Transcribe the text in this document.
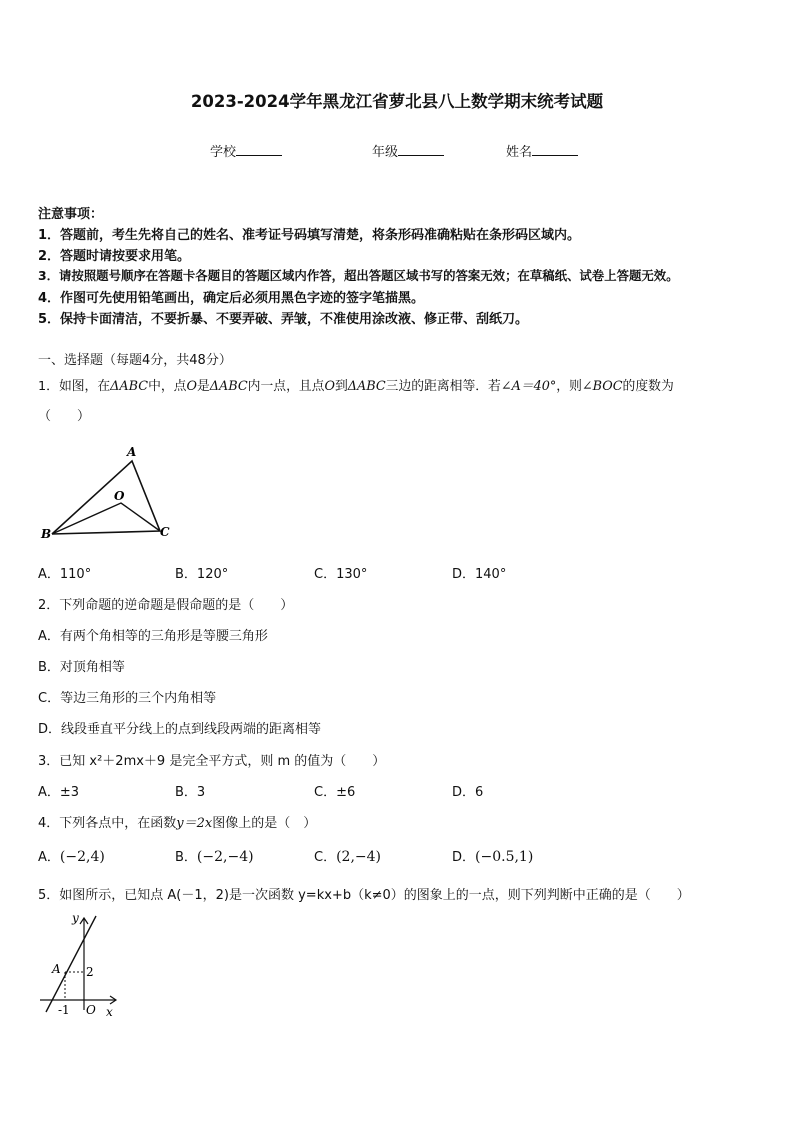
2023-2024学年黑龙江省萝北县八上数学期末统考试题
学校	年级	姓名
注意事项：
1．答题前，考生先将自己的姓名、准考证号码填写清楚，将条形码准确粘贴在条形码区域内。
2．答题时请按要求用笔。
3．请按照题号顺序在答题卡各题目的答题区域内作答，超出答题区域书写的答案无效；在草稿纸、试卷上答题无效。
4．作图可先使用铅笔画出，确定后必须用黑色字迹的签字笔描黑。
5．保持卡面清洁，不要折暴、不要弄破、弄皱，不准使用涂改液、修正带、刮纸刀。
一、选择题（每题4分，共48分）
1．如图，在ΔABC中，点O是ΔABC内一点，且点O到ΔABC三边的距离相等．若∠A＝40°，则∠BOC的度数为
（　　）
A
O
B	C
A．110°	B．120°	C．130°	D．140°
2．下列命题的逆命题是假命题的是（　　）
A．有两个角相等的三角形是等腰三角形
B．对顶角相等
C．等边三角形的三个内角相等
D．线段垂直平分线上的点到线段两端的距离相等
3．已知 x²＋2mx＋9 是完全平方式，则 m 的值为（　　）
A．±3	B．3	C．±6	D．6
4．下列各点中，在函数y＝2x图像上的是（　）
A．(−2,4)	B．(−2,−4)	C．(2,−4)	D．(−0.5,1)
5．如图所示，已知点 A(－1，2)是一次函数 y=kx+b（k≠0）的图象上的一点，则下列判断中正确的是（　　）
y
A 2
-1 O x
